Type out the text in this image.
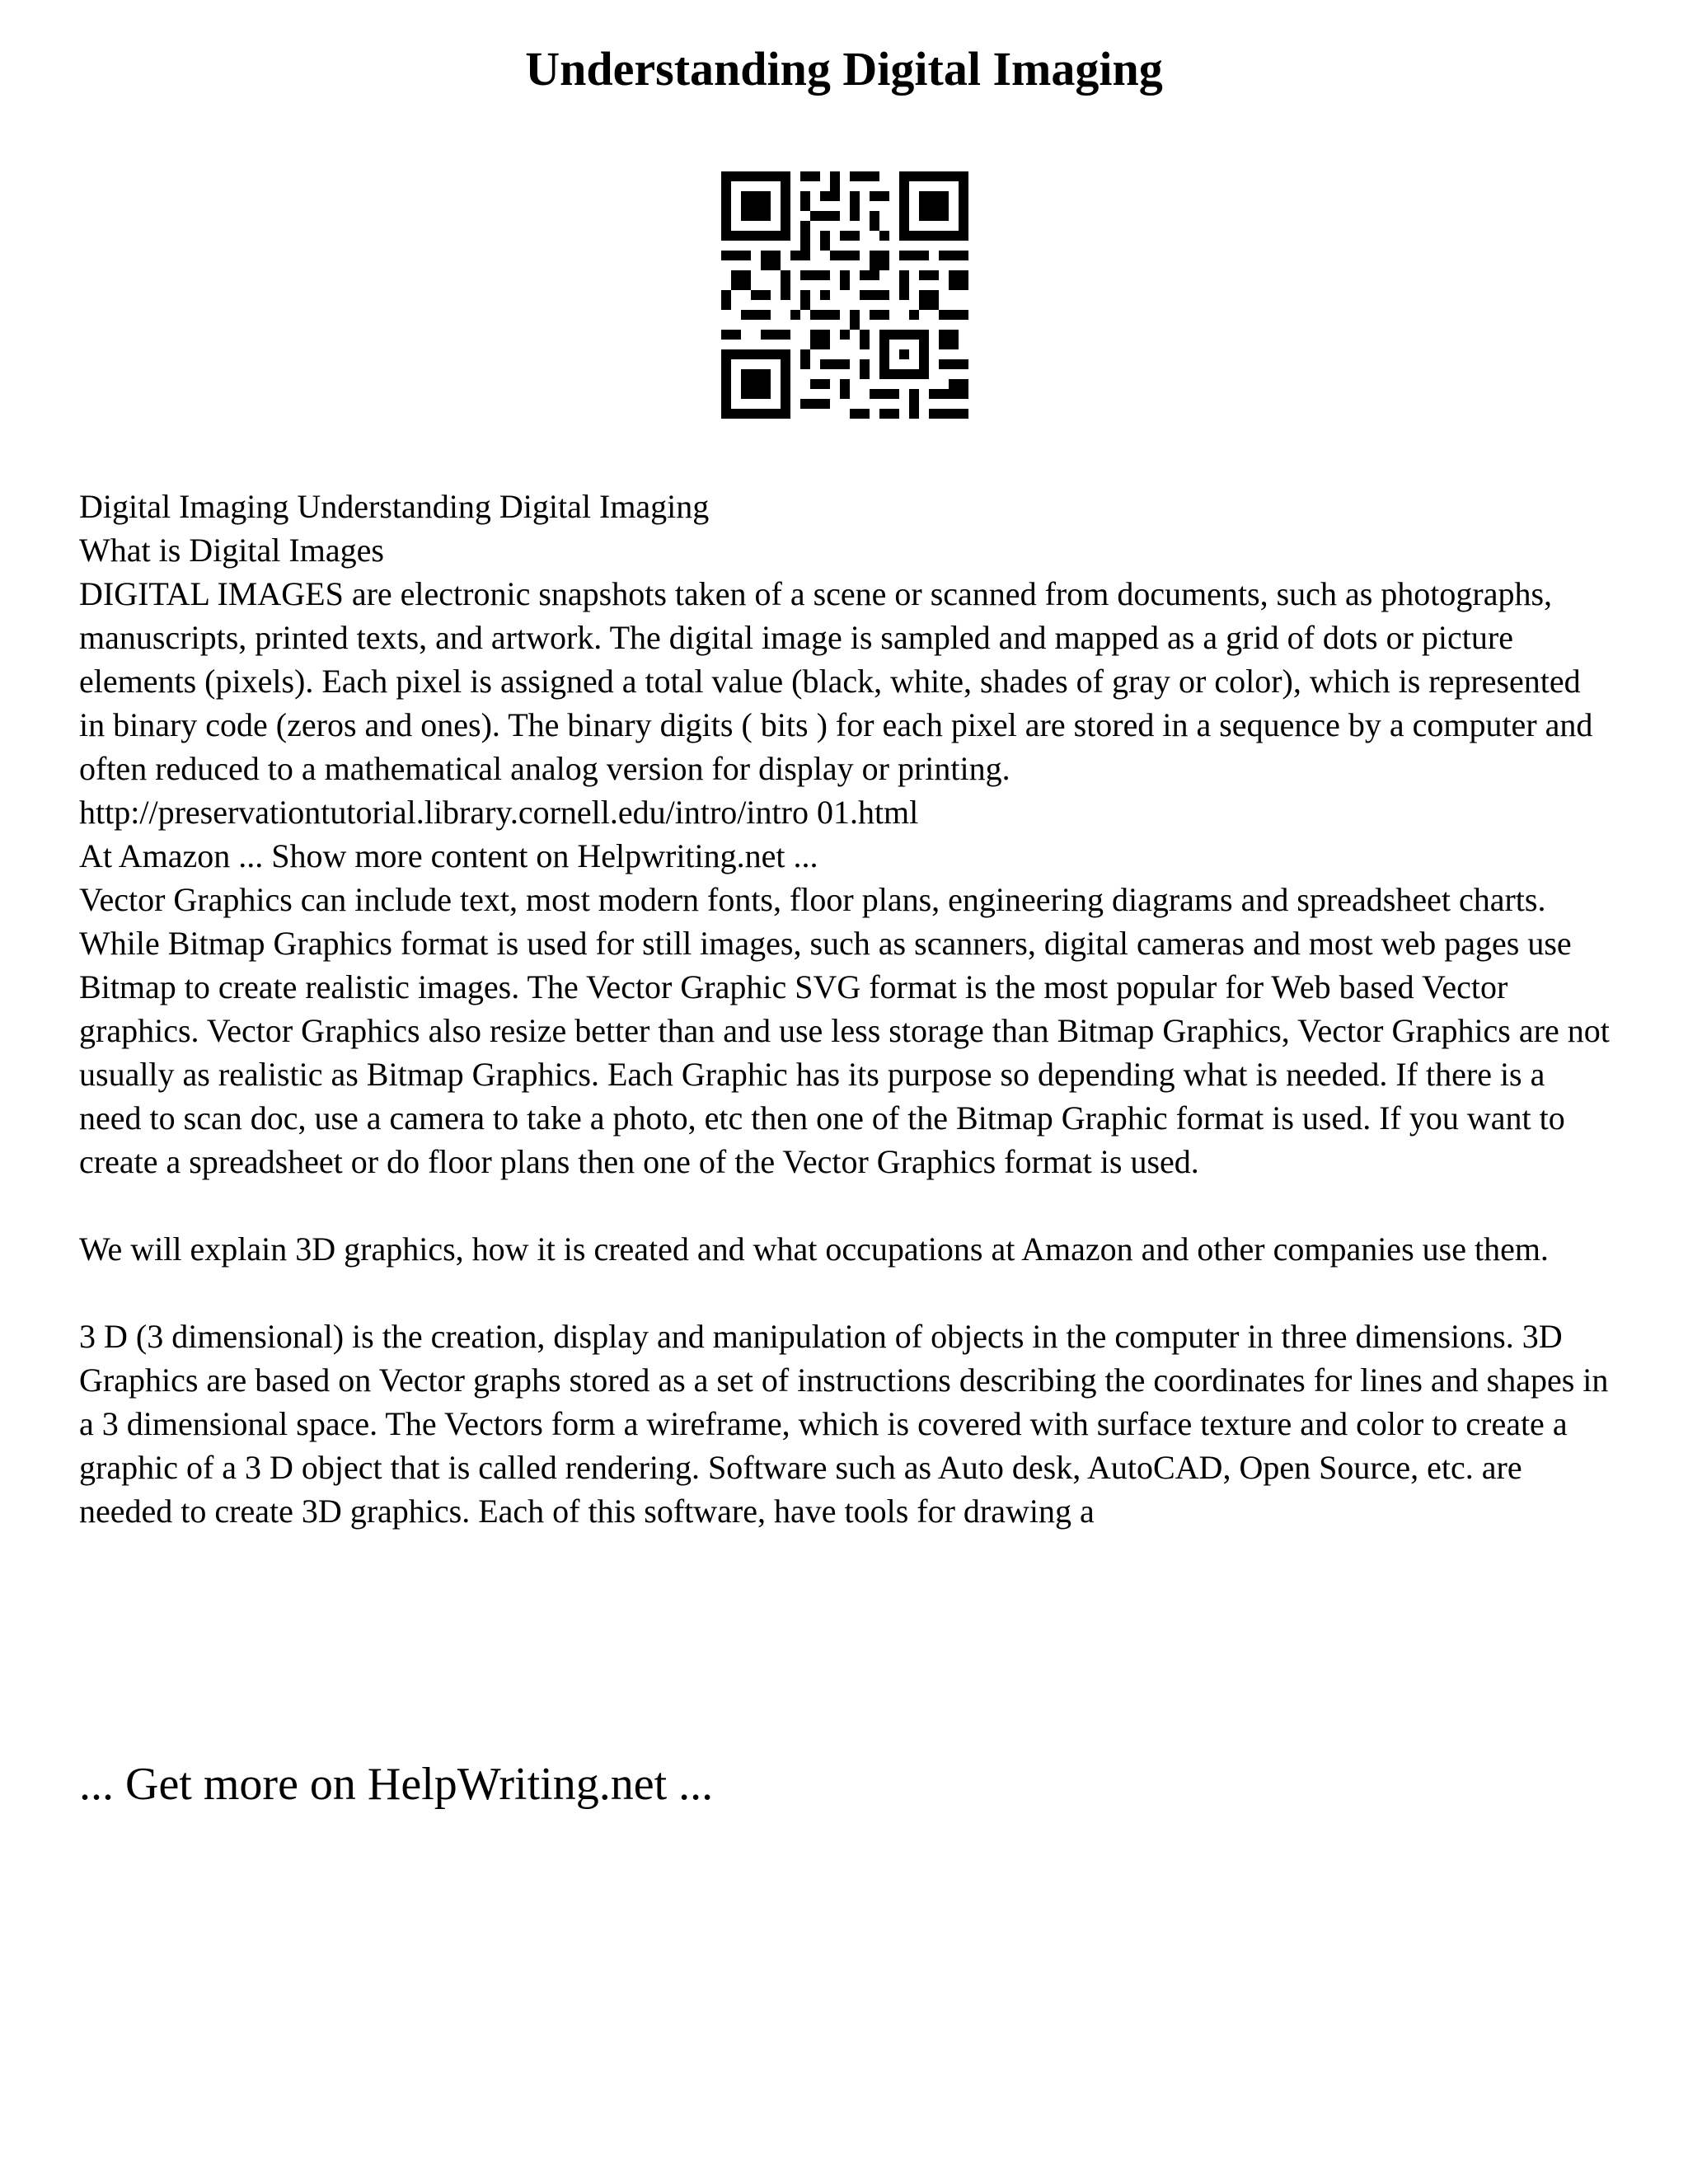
Understanding Digital Imaging

Digital Imaging Understanding Digital Imaging

What is Digital Images

DIGITAL IMAGES are electronic snapshots taken of a scene or scanned from documents, such as photographs, manuscripts, printed texts, and artwork. The digital image is sampled and mapped as a grid of dots or picture elements (pixels). Each pixel is assigned a total value (black, white, shades of gray or color), which is represented in binary code (zeros and ones). The binary digits ( bits ) for each pixel are stored in a sequence by a computer and often reduced to a mathematical analog version for display or printing. http://preservationtutorial.library.cornell.edu/intro/intro 01.html

At Amazon ... Show more content on Helpwriting.net ...

Vector Graphics can include text, most modern fonts, floor plans, engineering diagrams and spreadsheet charts.

While Bitmap Graphics format is used for still images, such as scanners, digital cameras and most web pages use Bitmap to create realistic images. The Vector Graphic SVG format is the most popular for Web based Vector graphics. Vector Graphics also resize better than and use less storage than Bitmap Graphics, Vector Graphics are not usually as realistic as Bitmap Graphics. Each Graphic has its purpose so depending what is needed. If there is a need to scan doc, use a camera to take a photo, etc then one of the Bitmap Graphic format is used. If you want to create a spreadsheet or do floor plans then one of the Vector Graphics format is used.

We will explain 3D graphics, how it is created and what occupations at Amazon and other companies use them.

3 D (3 dimensional) is the creation, display and manipulation of objects in the computer in three dimensions. 3D Graphics are based on Vector graphs stored as a set of instructions describing the coordinates for lines and shapes in a 3 dimensional space. The Vectors form a wireframe, which is covered with surface texture and color to create a graphic of a 3 D object that is called rendering. Software such as Auto desk, AutoCAD, Open Source, etc. are needed to create 3D graphics. Each of this software, have tools for drawing a

... Get more on HelpWriting.net ...
